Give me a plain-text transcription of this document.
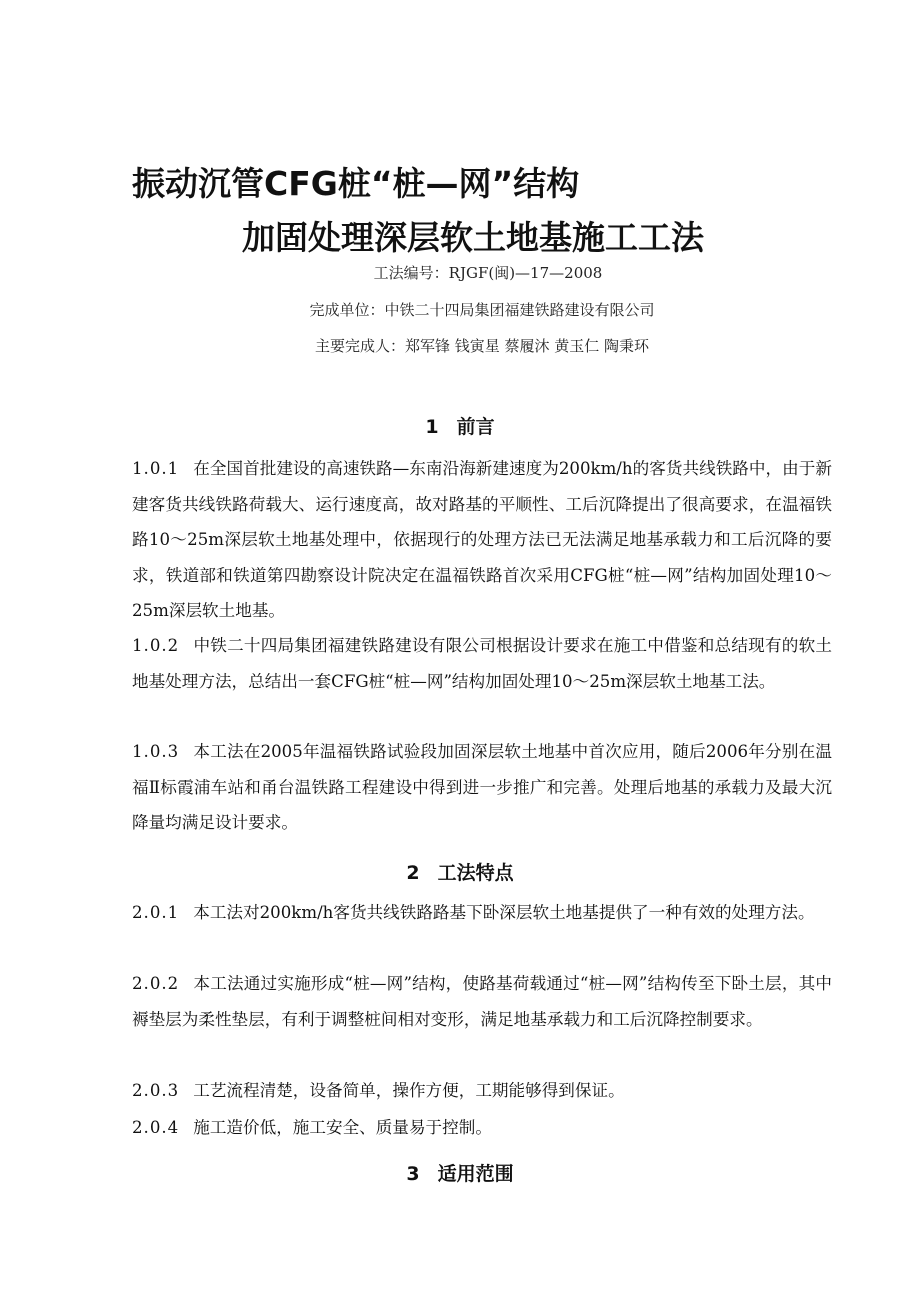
振动沉管CFG桩“桩—网”结构
加固处理深层软土地基施工工法
工法编号：RJGF(闽)—17—2008
完成单位：中铁二十四局集团福建铁路建设有限公司
主要完成人：郑军锋 钱寅星 蔡履沐 黄玉仁 陶秉环
1 前言
1.0.1 在全国首批建设的高速铁路—东南沿海新建速度为200km/h的客货共线铁路中，由于新建客货共线铁路荷载大、运行速度高，故对路基的平顺性、工后沉降提出了很高要求，在温福铁路10～25m深层软土地基处理中，依据现行的处理方法已无法满足地基承载力和工后沉降的要求，铁道部和铁道第四勘察设计院决定在温福铁路首次采用CFG桩“桩—网”结构加固处理10～25m深层软土地基。
1.0.2 中铁二十四局集团福建铁路建设有限公司根据设计要求在施工中借鉴和总结现有的软土地基处理方法，总结出一套CFG桩“桩—网”结构加固处理10～25m深层软土地基工法。
1.0.3 本工法在2005年温福铁路试验段加固深层软土地基中首次应用，随后2006年分别在温福Ⅱ标霞浦车站和甬台温铁路工程建设中得到进一步推广和完善。处理后地基的承载力及最大沉降量均满足设计要求。
2 工法特点
2.0.1 本工法对200km/h客货共线铁路路基下卧深层软土地基提供了一种有效的处理方法。
2.0.2 本工法通过实施形成“桩—网”结构，使路基荷载通过“桩—网”结构传至下卧土层，其中褥垫层为柔性垫层，有利于调整桩间相对变形，满足地基承载力和工后沉降控制要求。
2.0.3 工艺流程清楚，设备简单，操作方便，工期能够得到保证。
2.0.4 施工造价低，施工安全、质量易于控制。
3 适用范围
